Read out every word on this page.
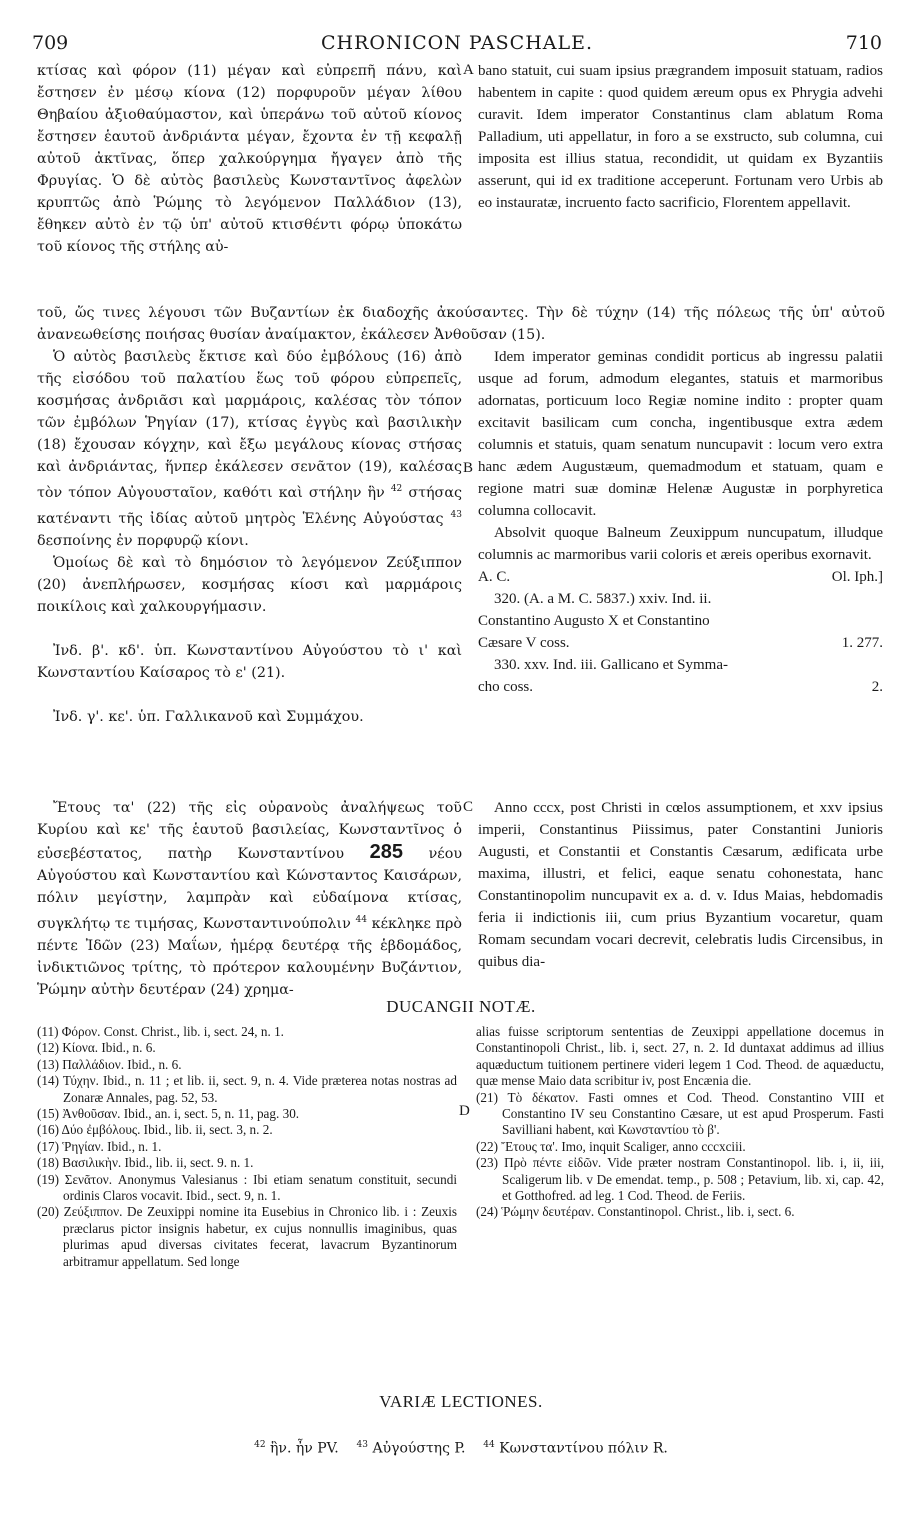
709	CHRONICON PASCHALE.	710

κτίσας καὶ φόρον (11) μέγαν καὶ εὐπρεπῆ πάνυ, καὶ ἔστησεν ἐν μέσῳ κίονα (12) πορφυροῦν μέγαν λίθου Θηβαίου ἀξιοθαύμαστον, καὶ ὑπεράνω τοῦ αὐτοῦ κίονος ἔστησεν ἑαυτοῦ ἀνδριάντα μέγαν, ἔχοντα ἐν τῇ κεφαλῇ αὐτοῦ ἀκτῖνας, ὅπερ χαλκούργημα ἤγαγεν ἀπὸ τῆς Φρυγίας. Ὁ δὲ αὐτὸς βασιλεὺς Κωνσταντῖνος ἀφελὼν κρυπτῶς ἀπὸ Ῥώμης τὸ λεγόμενον Παλλάδιον (13), ἔθηκεν αὐτὸ ἐν τῷ ὑπ' αὐτοῦ κτισθέντι φόρῳ ὑποκάτω τοῦ κίονος τῆς στήλης αὐ-

A bano statuit, cui suam ipsius prægrandem imposuit statuam, radios habentem in capite : quod quidem æreum opus ex Phrygia advehi curavit. Idem imperator Constantinus clam ablatum Roma Palladium, uti appellatur, in foro a se exstructo, sub columna, cui imposita est illius statua, recondidit, ut quidam ex Byzantiis asserunt, qui id ex traditione acceperunt. Fortunam vero Urbis ab eo instauratæ, incruento facto sacrificio, Florentem appellavit.

τοῦ, ὥς τινες λέγουσι τῶν Βυζαντίων ἐκ διαδοχῆς ἀκούσαντες. Τὴν δὲ τύχην (14) τῆς πόλεως τῆς ὑπ' αὐτοῦ ἀνανεωθείσης ποιήσας θυσίαν ἀναίμακτον, ἐκάλεσεν Ἀνθοῦσαν (15).

Ὁ αὐτὸς βασιλεὺς ἔκτισε καὶ δύο ἐμβόλους (16) ἀπὸ τῆς εἰσόδου τοῦ παλατίου ἕως τοῦ φόρου εὐπρεπεῖς, κοσμήσας ἀνδριᾶσι καὶ μαρμάροις, καλέσας τὸν τόπον τῶν ἐμβόλων Ῥηγίαν (17), κτίσας ἐγγὺς καὶ βασιλικὴν (18) ἔχουσαν κόγχην, καὶ ἔξω μεγάλους κίονας στήσας καὶ ἀνδριάντας, ἥνπερ ἐκάλεσεν σενᾶτον (19), καλέσας τὸν τόπον Αὐγουσταῖον, καθότι καὶ στήλην ἣν $^{42}$ στήσας κατέναντι τῆς ἰδίας αὐτοῦ μητρὸς Ἑλένης Αὐγούστας $^{43}$ δεσποίνης ἐν πορφυρῷ κίονι.

Ὁμοίως δὲ καὶ τὸ δημόσιον τὸ λεγόμενον Ζεύξιππον (20) ἀνεπλήρωσεν, κοσμήσας κίοσι καὶ μαρμάροις ποικίλοις καὶ χαλκουργήμασιν.

Ἰνδ. β'. κδ'. ὑπ. Κωνσταντίνου Αὐγούστου τὸ ι' καὶ Κωνσταντίου Καίσαρος τὸ ε' (21).

Ἰνδ. γ'. κε'. ὑπ. Γαλλικανοῦ καὶ Συμμάχου.

B

Idem imperator geminas condidit porticus ab ingressu palatii usque ad forum, admodum elegantes, statuis et marmoribus adornatas, porticuum loco Regiæ nomine indito : propter quam excitavit basilicam cum concha, ingentibusque extra ædem columnis et statuis, quam senatum nuncupavit : locum vero extra hanc ædem Augustæum, quemadmodum et statuam, quam e regione matri suæ dominæ Helenæ Augustæ in porphyretica columna collocavit.

Absolvit quoque Balneum Zeuxippum nuncupatum, illudque columnis ac marmoribus varii coloris et æreis operibus exornavit.

A. C.	Ol. Iph.]

320. (A. a M. C. 5837.) xxiv. Ind. ii.

Constantino Augusto X et Constantino

Cæsare V coss.	1. 277.

330. xxv. Ind. iii. Gallicano et Symma-

cho coss.	2.

Ἔτους τα' (22) τῆς εἰς οὐρανοὺς ἀναλήψεως τοῦ Κυρίου καὶ κε' τῆς ἑαυτοῦ βασιλείας, Κωνσταντῖνος ὁ εὐσεβέστατος, πατὴρ Κωνσταντίνου 285 νέου Αὐγούστου καὶ Κωνσταντίου καὶ Κώνσταντος Καισάρων, πόλιν μεγίστην, λαμπρὰν καὶ εὐδαίμονα κτίσας, συγκλήτῳ τε τιμήσας, Κωνσταντινούπολιν $^{44}$ κέκληκε πρὸ πέντε Ἰδῶν (23) Μαΐων, ἡμέρᾳ δευτέρᾳ τῆς ἑβδομάδος, ἰνδικτιῶνος τρίτης, τὸ πρότερον καλουμένην Βυζάντιον, Ῥώμην αὐτὴν δευτέραν (24) χρημα-

C	Anno cccx, post Christi in cœlos assumptionem, et xxv ipsius imperii, Constantinus Piissimus, pater Constantini Junioris Augusti, et Constantii et Constantis Cæsarum, ædificata urbe maxima, illustri, et felici, eaque senatu cohonestata, hanc Constantinopolim nuncupavit ex a. d. v. Idus Maias, hebdomadis feria ii indictionis iii, cum prius Byzantium vocaretur, quam Romam secundam vocari decrevit, celebratis ludis Circensibus, in quibus dia-

DUCANGII NOTÆ.

(11) Φόρον. Const. Christ., lib. i, sect. 24, n. 1.

(12) Κίονα. Ibid., n. 6.

(13) Παλλάδιον. Ibid., n. 6.

(14) Τύχην. Ibid., n. 11 ; et lib. ii, sect. 9, n. 4. Vide prætereа notas nostras ad Zonaræ Annales, pag. 52, 53.

(15) Ἀνθοῦσαν. Ibid., an. i, sect. 5, n. 11, pag. 30.

(16) Δύο ἐμβόλους. Ibid., lib. ii, sect. 3, n. 2.

(17) Ῥηγίαν. Ibid., n. 1.

(18) Βασιλικὴν. Ibid., lib. ii, sect. 9. n. 1.

(19) Σενᾶτον. Anonymus Valesianus : Ibi etiam senatum constituit, secundi ordinis Claros vocavit. Ibid., sect. 9, n. 1.

(20) Ζεύξιππον. De Zeuxippi nomine ita Eusebius in Chronico lib. i : Zeuxis præclarus pictor insignis habetur, ex cujus nonnullis imaginibus, quas plurimas apud diversas civitates fecerat, lavacrum Byzantinorum arbitramur appellatum. Sed longe

D

alias fuisse scriptorum sententias de Zeuxippi appellatione docemus in Constantinopoli Christ., lib. i, sect. 27, n. 2. Id duntaxat addimus ad illius aquæductum tuitionem pertinere videri legem 1 Cod. Theod. de aquæductu, quæ mense Maio data scribitur iv, post Encænia die.

(21) Τὸ δέκατον. Fasti omnes et Cod. Theod. Constantino VIII et Constantino IV seu Constantino Cæsare, ut est apud Prosperum. Fasti Savilliani habent, καὶ Κωνσταντίου τὸ β'.

(22) Ἔτους τα'. Imo, inquit Scaliger, anno cccxciii.

(23) Πρὸ πέντε εἰδῶν. Vide præter nostram Constantinopol. lib. i, ii, iii, Scaligerum lib. v De emendat. temp., p. 508 ; Petavium, lib. xi, cap. 42, et Gotthofred. ad leg. 1 Cod. Theod. de Feriis.

(24) Ῥώμην δευτέραν. Constantinopol. Christ., lib. i, sect. 6.

VARIÆ LECTIONES.
$^{42}$ ἣν. ἦν PV. $^{43}$ Αὐγούστης P. $^{44}$ Κωνσταντίνου πόλιν R.
